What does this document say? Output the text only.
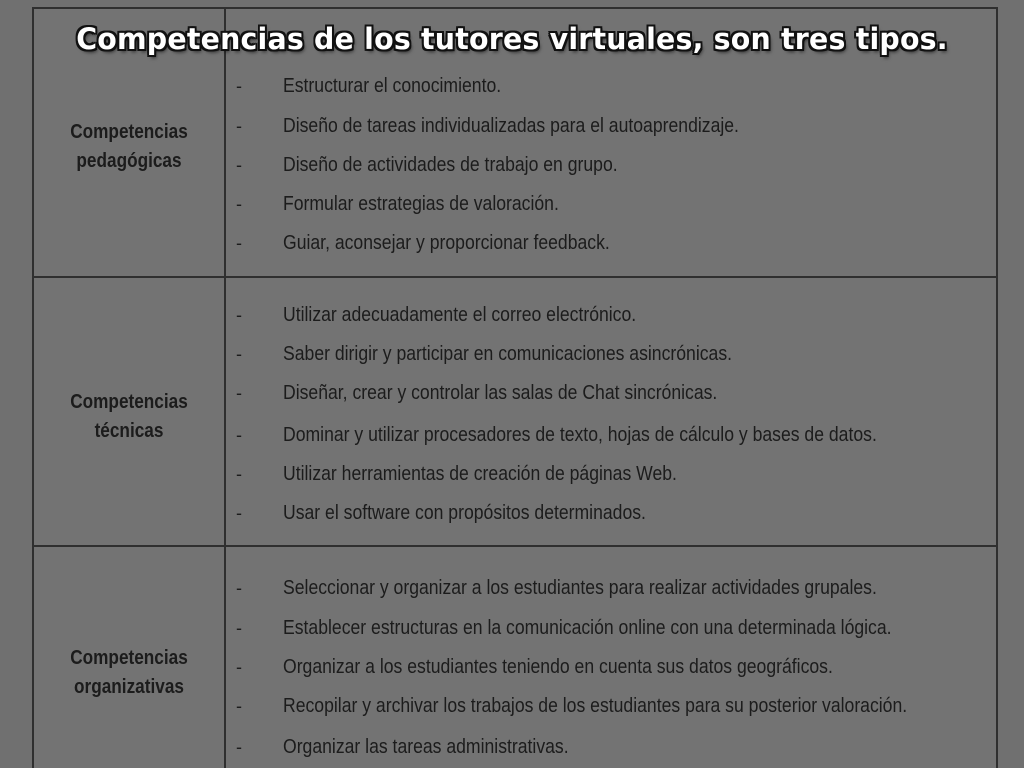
Competencias
pedagógicas
- Estructurar el conocimiento.
- Diseño de tareas individualizadas para el autoaprendizaje.
- Diseño de actividades de trabajo en grupo.
- Formular estrategias de valoración.
- Guiar, aconsejar y proporcionar feedback.
Competencias
técnicas
- Utilizar adecuadamente el correo electrónico.
- Saber dirigir y participar en comunicaciones asincrónicas.
- Diseñar, crear y controlar las salas de Chat sincrónicas.
- Dominar y utilizar procesadores de texto, hojas de cálculo y bases de datos.
- Utilizar herramientas de creación de páginas Web.
- Usar el software con propósitos determinados.
Competencias
organizativas
- Seleccionar y organizar a los estudiantes para realizar actividades grupales.
- Establecer estructuras en la comunicación online con una determinada lógica.
- Organizar a los estudiantes teniendo en cuenta sus datos geográficos.
- Recopilar y archivar los trabajos de los estudiantes para su posterior valoración.
- Organizar las tareas administrativas.
Competencias de los tutores virtuales, son tres tipos.
